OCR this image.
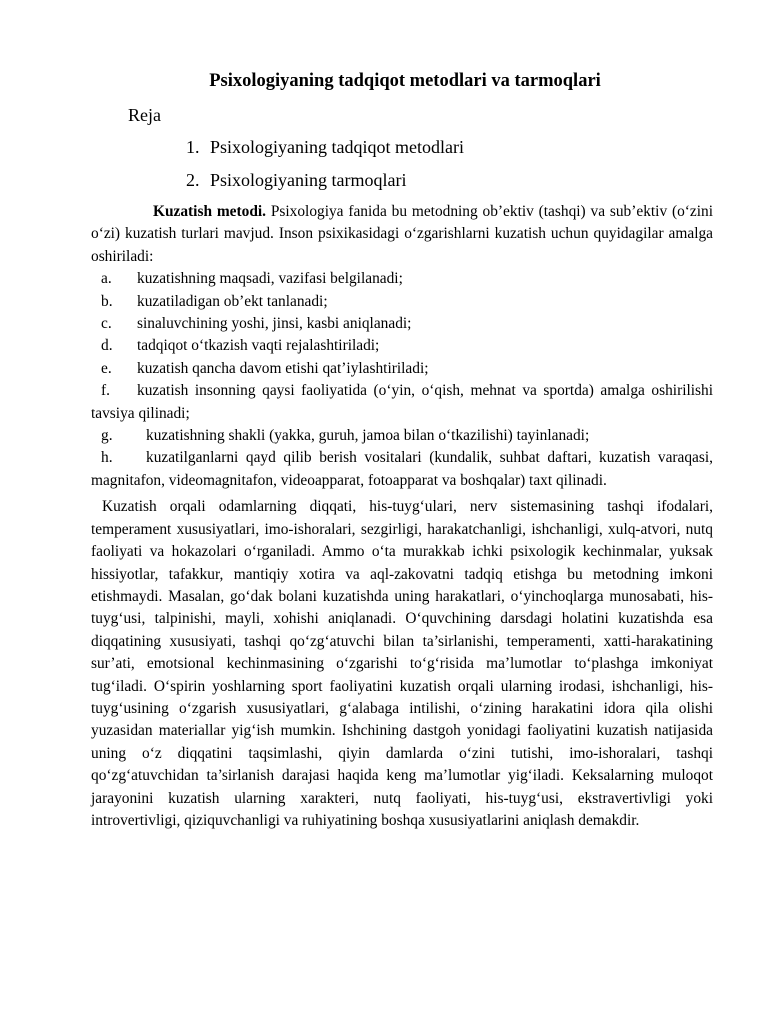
Psixologiyaning tadqiqot metodlari va tarmoqlari
Reja
1. Psixologiyaning tadqiqot metodlari
2. Psixologiyaning tarmoqlari

Kuzatish metodi. Psixologiya fanida bu metodning ob’ektiv (tashqi) va sub’ektiv (o‘zini o‘zi) kuzatish turlari mavjud. Inson psixikasidagi o‘zgarishlarni kuzatish uchun quyidagilar amalga oshiriladi:

a. kuzatishning maqsadi, vazifasi belgilanadi;

b. kuzatiladigan ob’ekt tanlanadi;

c. sinaluvchining yoshi, jinsi, kasbi aniqlanadi;

d. tadqiqot o‘tkazish vaqti rejalashtiriladi;

e. kuzatish qancha davom etishi qat’iylashtiriladi;

f. kuzatish insonning qaysi faoliyatida (o‘yin, o‘qish, mehnat va sportda) amalga oshirilishi tavsiya qilinadi;

g. kuzatishning shakli (yakka, guruh, jamoa bilan o‘tkazilishi) tayinlanadi;

h. kuzatilganlarni qayd qilib berish vositalari (kundalik, suhbat daftari, kuzatish varaqasi, magnitafon, videomagnitafon, videoapparat, fotoapparat va boshqalar) taxt qilinadi.

Kuzatish orqali odamlarning diqqati, his-tuyg‘ulari, nerv sistemasining tashqi ifodalari, temperament xususiyatlari, imo-ishoralari, sezgirligi, harakatchanligi, ishchanligi, xulq-atvori, nutq faoliyati va hokazolari o‘rganiladi. Ammo o‘ta murakkab ichki psixologik kechinmalar, yuksak hissiyotlar, tafakkur, mantiqiy xotira va aql-zakovatni tadqiq etishga bu metodning imkoni etishmaydi. Masalan, go‘dak bolani kuzatishda uning harakatlari, o‘yinchoqlarga munosabati, his-tuyg‘usi, talpinishi, mayli, xohishi aniqlanadi. O‘quvchining darsdagi holatini kuzatishda esa diqqatining xususiyati, tashqi qo‘zg‘atuvchi bilan ta’sirlanishi, temperamenti, xatti-harakatining sur’ati, emotsional kechinmasining o‘zgarishi to‘g‘risida ma’lumotlar to‘plashga imkoniyat tug‘iladi. O‘spirin yoshlarning sport faoliyatini kuzatish orqali ularning irodasi, ishchanligi, his-tuyg‘usining o‘zgarish xususiyatlari, g‘alabaga intilishi, o‘zining harakatini idora qila olishi yuzasidan materiallar yig‘ish mumkin. Ishchining dastgoh yonidagi faoliyatini kuzatish natijasida uning o‘z diqqatini taqsimlashi, qiyin damlarda o‘zini tutishi, imo-ishoralari, tashqi qo‘zg‘atuvchidan ta’sirlanish darajasi haqida keng ma’lumotlar yig‘iladi. Keksalarning muloqot jarayonini kuzatish ularning xarakteri, nutq faoliyati, his-tuyg‘usi, ekstravertivligi yoki introvertivligi, qiziquvchanligi va ruhiyatining boshqa xususiyatlarini aniqlash demakdir.
